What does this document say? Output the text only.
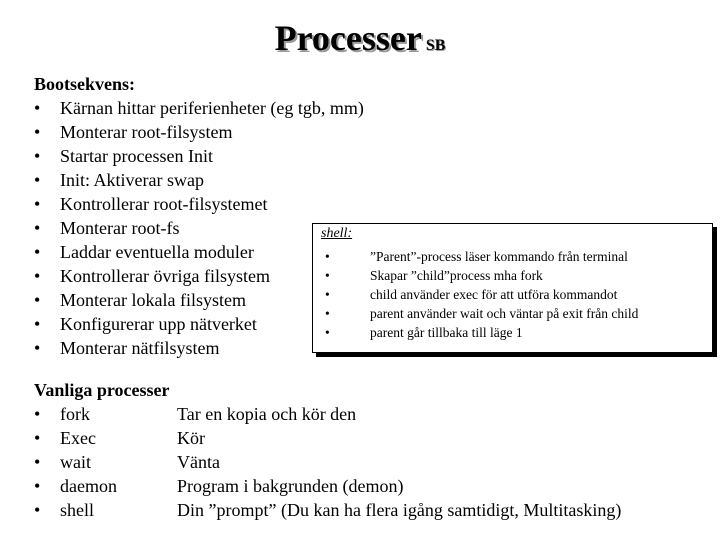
Processer SB
Bootsekvens:
• Kärnan hittar periferienheter (eg tgb, mm)
• Monterar root-filsystem
• Startar processen Init
• Init: Aktiverar swap
• Kontrollerar root-filsystemet
• Monterar root-fs
• Laddar eventuella moduler
• Kontrollerar övriga filsystem
• Monterar lokala filsystem
• Konfigurerar upp nätverket
• Monterar nätfilsystem
shell:
•	”Parent”-process läser kommando från terminal
•	Skapar ”child”process mha fork
•	child använder exec för att utföra kommandot
•	parent använder wait och väntar på exit från child
•	parent går tillbaka till läge 1
Vanliga processer
• fork	Tar en kopia och kör den
• Exec	Kör
• wait	Vänta
• daemon	Program i bakgrunden (demon)
• shell	Din ”prompt” (Du kan ha flera igång samtidigt, Multitasking)
